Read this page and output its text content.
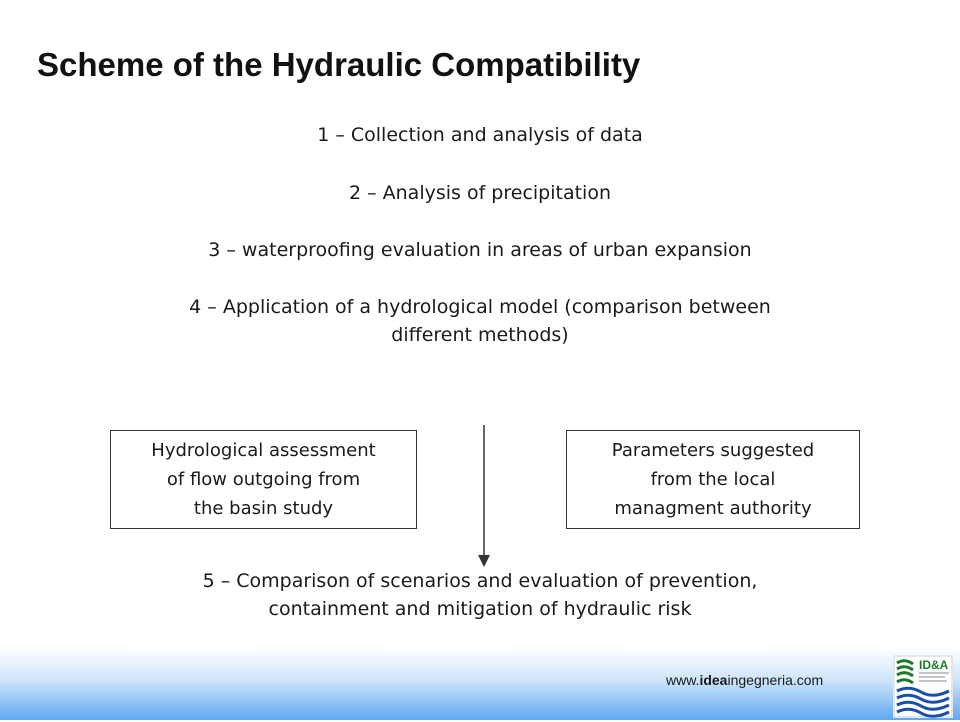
Scheme of the Hydraulic Compatibility
1 – Collection and analysis of data
2 – Analysis of precipitation
3 – waterproofing evaluation in areas of urban expansion
4 – Application of a hydrological model (comparison between
different methods)
Hydrological assessment
of flow outgoing from
the basin study
Parameters suggested
from the local
managment authority
5 – Comparison of scenarios and evaluation of prevention,
containment and mitigation of hydraulic risk
www.ideaingegneria.com
ID&A
